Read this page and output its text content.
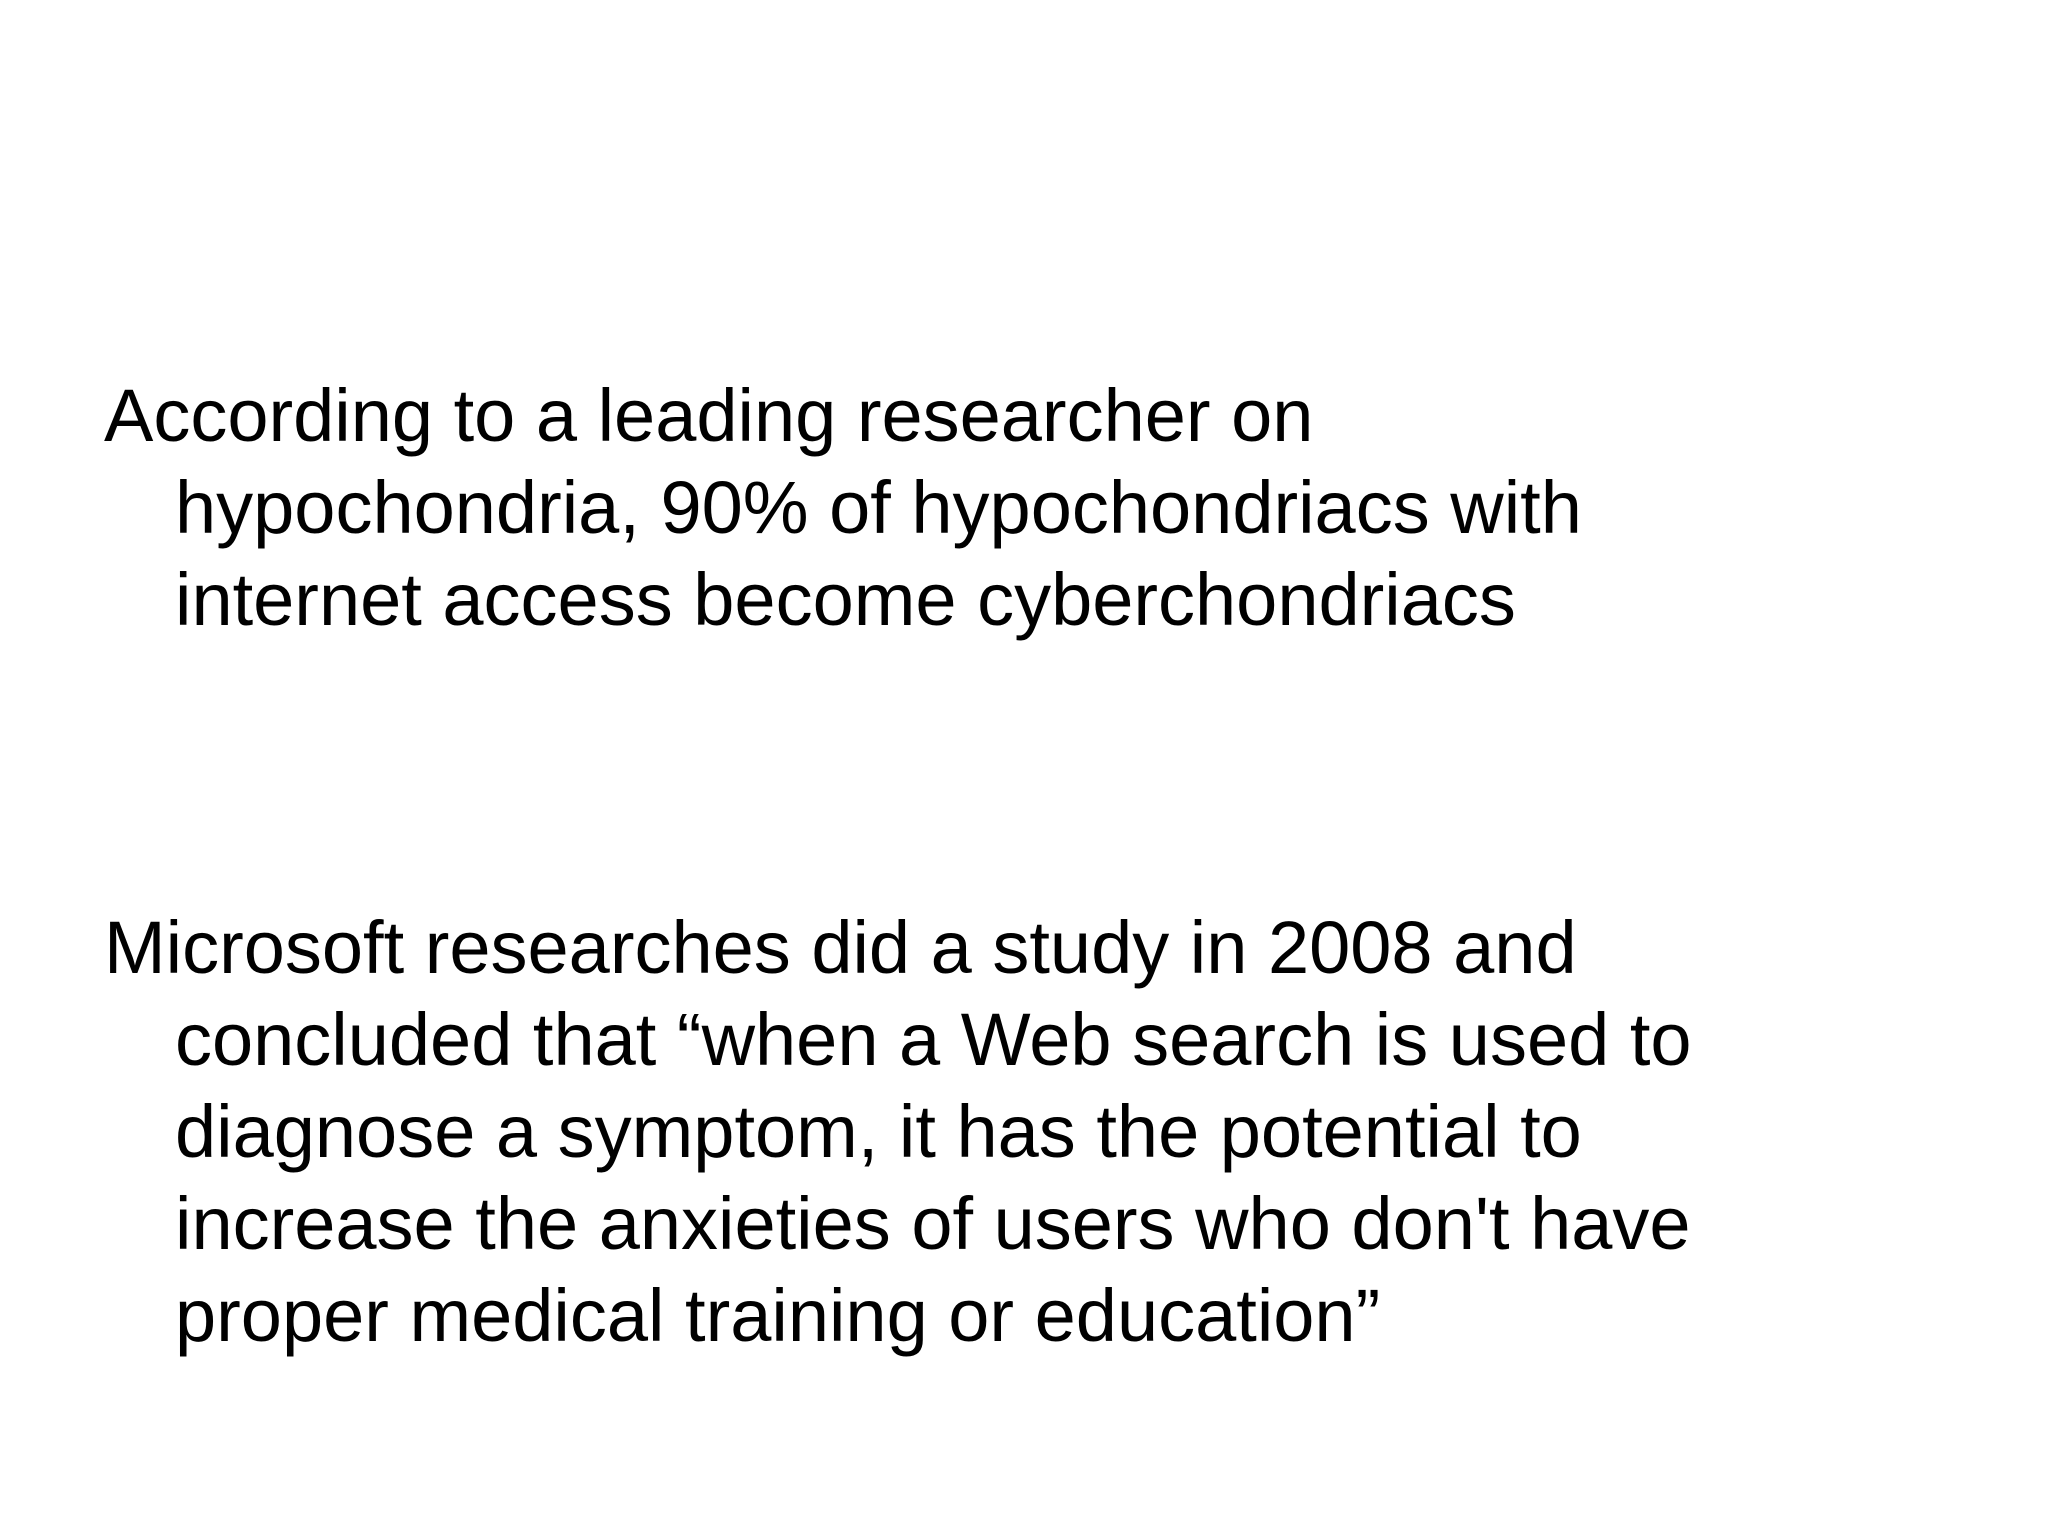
According to a leading researcher on
hypochondria, 90% of hypochondriacs with
internet access become cyberchondriacs
Microsoft researches did a study in 2008 and
concluded that “when a Web search is used to
diagnose a symptom, it has the potential to
increase the anxieties of users who don't have
proper medical training or education”
